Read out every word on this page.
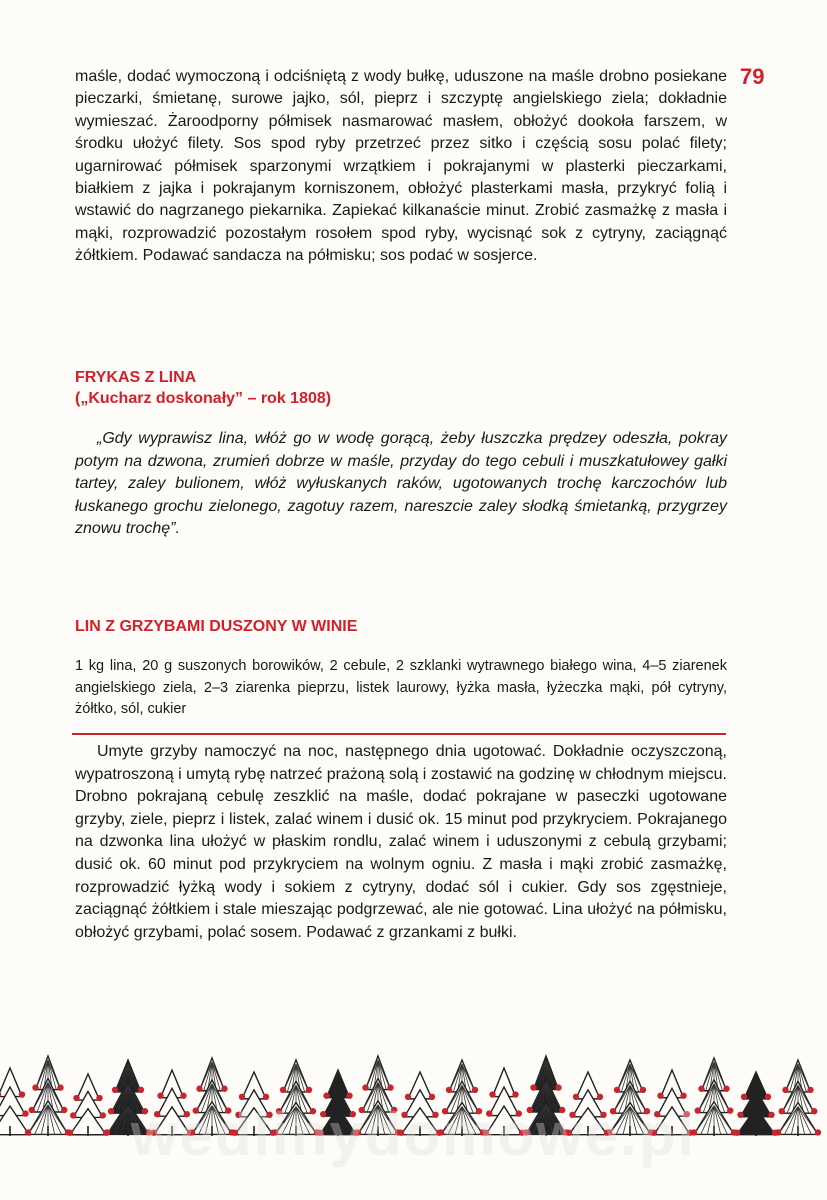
79

maśle, dodać wymoczoną i odciśniętą z wody bułkę, uduszone na maśle drobno posiekane pieczarki, śmietanę, surowe jajko, sól, pieprz i szczyptę angielskiego ziela; dokładnie wymieszać. Żaroodporny półmisek nasmarować masłem, obłożyć dookoła farszem, w środku ułożyć filety. Sos spod ryby przetrzeć przez sitko i częścią sosu polać filety; ugarnirować półmisek sparzonymi wrzątkiem i pokrajanymi w plasterki pieczarkami, białkiem z jajka i pokrajanym korniszonem, obłożyć plasterkami masła, przykryć folią i wstawić do nagrzanego piekarnika. Zapiekać kilkanaście minut. Zrobić zasmażkę z masła i mąki, rozprowadzić pozostałym rosołem spod ryby, wycisnąć sok z cytryny, zaciągnąć żółtkiem. Podawać sandacza na półmisku; sos podać w sosjerce.

FRYKAS Z LINA
(„Kucharz doskonały” – rok 1808)

„Gdy wyprawisz lina, włóż go w wodę gorącą, żeby łuszczka prędzey odeszła, pokray potym na dzwona, zrumień dobrze w maśle, przyday do tego cebuli i muszkatułowey gałki tartey, zaley bulionem, włóż wyłuskanych raków, ugotowanych trochę karczochów lub łuskanego grochu zielonego, zagotuy razem, nareszcie zaley słodką śmietanką, przygrzey znowu trochę”.

LIN Z GRZYBAMI DUSZONY W WINIE

1 kg lina, 20 g suszonych borowików, 2 cebule, 2 szklanki wytrawnego białego wina, 4–5 ziarenek angielskiego ziela, 2–3 ziarenka pieprzu, listek laurowy, łyżka masła, łyżeczka mąki, pół cytryny, żółtko, sól, cukier

Umyte grzyby namoczyć na noc, następnego dnia ugotować. Dokładnie oczyszczoną, wypatroszoną i umytą rybę natrzeć prażoną solą i zostawić na godzinę w chłodnym miejscu. Drobno pokrajaną cebulę zeszklić na maśle, dodać pokrajane w paseczki ugotowane grzyby, ziele, pieprz i listek, zalać winem i dusić ok. 15 minut pod przykryciem. Pokrajanego na dzwonka lina ułożyć w płaskim rondlu, zalać winem i uduszonymi z cebulą grzybami; dusić ok. 60 minut pod przykryciem na wolnym ogniu. Z masła i mąki zrobić zasmażkę, rozprowadzić łyżką wody i sokiem z cytryny, dodać sól i cukier. Gdy sos zgęstnieje, zaciągnąć żółtkiem i stale mieszając podgrzewać, ale nie gotować. Lina ułożyć na półmisku, obłożyć grzybami, polać sosem. Podawać z grzankami z bułki.

wedlinydomowe.pl
